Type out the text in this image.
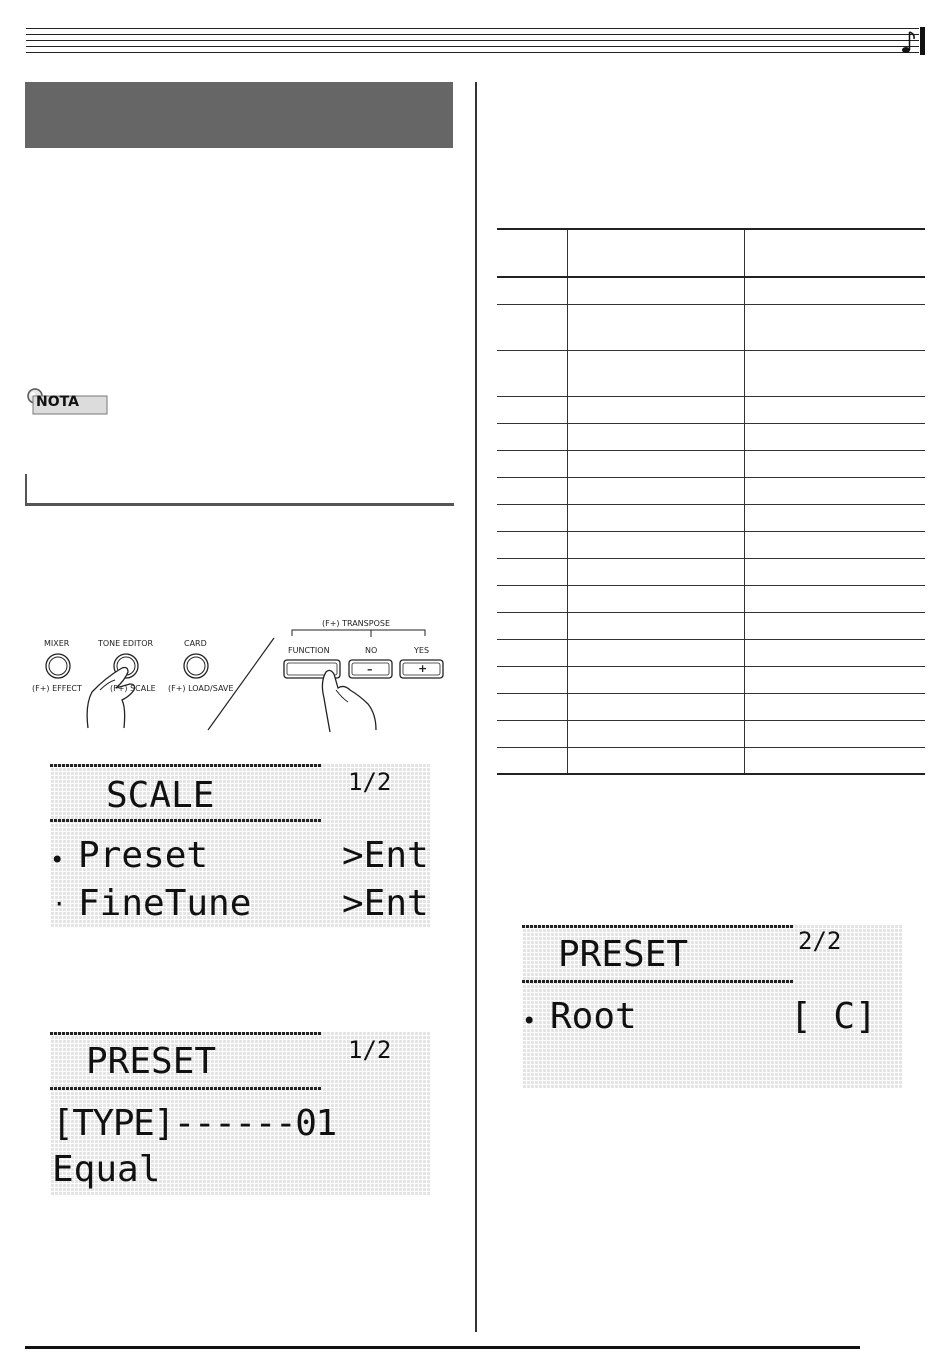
NOTA
MIXER
(F+) EFFECT
TONE EDITOR
(F+) SCALE
CARD
(F+) LOAD/SAVE
(F+) TRANSPOSE
FUNCTION	NO	YES
–	+
SCALE	1/2
• Preset	>Ent
· FineTune	>Ent
PRESET	1/2
[TYPE]------01
Equal

PRESET	2/2
• Root	[ C]
